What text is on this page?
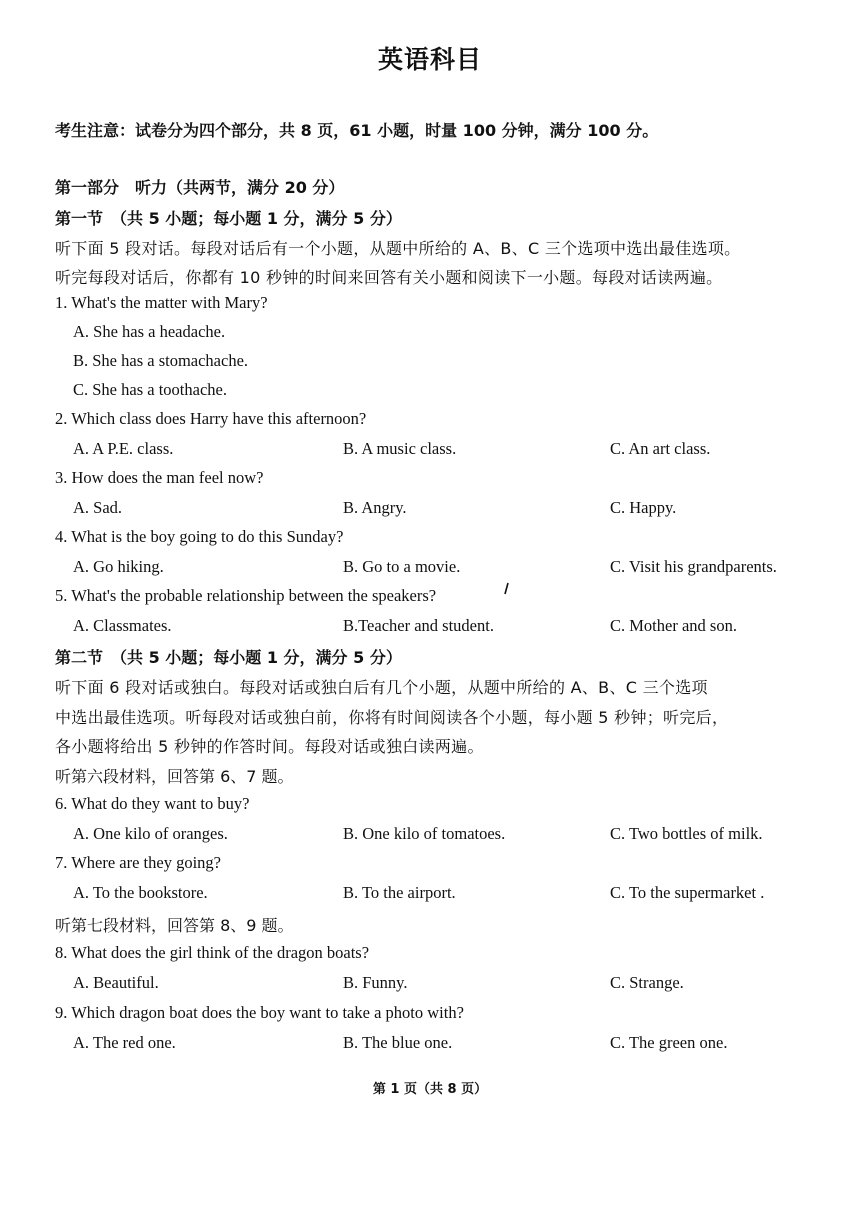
英语科目
考生注意：试卷分为四个部分，共 8 页，61 小题，时量 100 分钟，满分 100 分。
第一部分　听力（共两节，满分 20 分）
第一节　（共 5 小题；每小题 1 分，满分 5 分）
听下面 5 段对话。每段对话后有一个小题，从题中所给的 A、B、C 三个选项中选出最佳选项。
听完每段对话后，你都有 10 秒钟的时间来回答有关小题和阅读下一小题。每段对话读两遍。
1. What's the matter with Mary?
A. She has a headache.
B. She has a stomachache.
C. She has a toothache.
2. Which class does Harry have this afternoon?
A. A P.E. class.	B. A music class.	C. An art class.
3. How does the man feel now?
A. Sad.	B. Angry.	C. Happy.
4. What is the boy going to do this Sunday?
A. Go hiking.	B. Go to a movie.	C. Visit his grandparents.
5. What's the probable relationship between the speakers?
A. Classmates.	B.Teacher and student.	C. Mother and son.
第二节　（共 5 小题；每小题 1 分，满分 5 分）
听下面 6 段对话或独白。每段对话或独白后有几个小题，从题中所给的 A、B、C 三个选项
中选出最佳选项。听每段对话或独白前，你将有时间阅读各个小题，每小题 5 秒钟；听完后，
各小题将给出 5 秒钟的作答时间。每段对话或独白读两遍。
听第六段材料，回答第 6、7 题。
6. What do they want to buy?
A. One kilo of oranges.	B. One kilo of tomatoes.	C. Two bottles of milk.
7. Where are they going?
A. To the bookstore.	B. To the airport.	C. To the supermarket .
听第七段材料，回答第 8、9 题。
8. What does the girl think of the dragon boats?
A. Beautiful.	B. Funny.	C. Strange.
9. Which dragon boat does the boy want to take a photo with?
A. The red one.	B. The blue one.	C. The green one.
第 1 页（共 8 页）
